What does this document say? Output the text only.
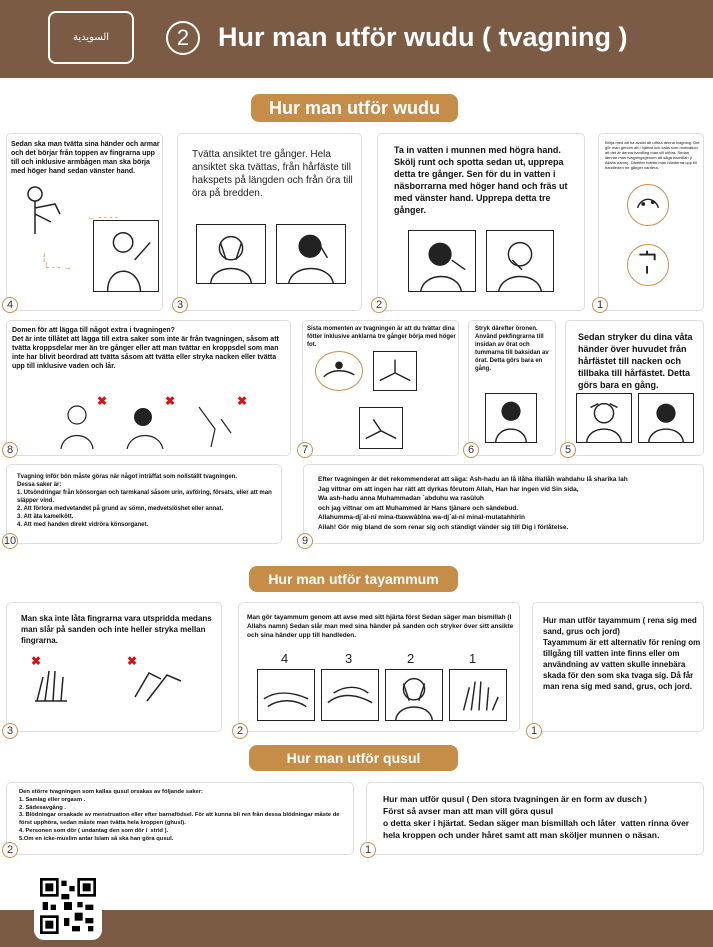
السويدية	2	Hur man utför wudu ( tvagning )
Hur man utför wudu
Sedan ska man tvätta sina händer och armar och det börjar från toppen av fingrarna upp till och inklusive armbågen man ska börja med höger hand sedan vänster hand.
← - - - -
¦
└ - - →
4
Tvätta ansiktet tre gånger. Hela ansiktet ska tvättas, från hårfäste till hakspets på längden och från öra till öra på bredden.
3
Ta in vatten i munnen med högra hand. Skölj runt och spotta sedan ut, upprepa detta tre gånger. Sen för du in vatten i näsborrarna med höger hand och fräs ut med vänster hand. Upprepa detta tre gånger.
2
Börja med att ha avsikt att utföra denna tvagning. Det gör man genom att i hjärtat och kalla som motivation att det är denna handling man vill utföra. Sedan lämnar man tvagningsgenom att säga bismillah (I Allahs namn). Därefter tvättar man händerna upp till handleden tre gånger vardera.
1
Domen för att lägga till något extra i tvagningen?
Det är inte tillåtet att lägga till extra saker som inte är från tvagningen, såsom att tvätta kroppsdelar mer än tre gånger eller att man tvättar en kroppsdel som man inte har blivit beordrad att tvätta såsom att tvätta eller stryka nacken eller tvätta upp till inklusive vaden och lår.
✖	✖	✖
8
Sista momenten av tvagningen är att du tvättar dina fötter inklusive anklarna tre gånger börja med höger fot.
7
Stryk därefter öronen. Använd pekfingrarna till insidan av örat och tummarna till baksidan av örat. Detta görs bara en gång.
6
Sedan stryker du dina våta händer över huvudet från hårfästet till nacken och tillbaka till hårfästet. Detta görs bara en gång.
5
Tvagning inför bön måste göras när något inträffat som nollställt tvagningen.
Dessa saker är:
1. Utsöndringar från könsorgan och tarmkanal såsom urin, avföring, försats, eller att man släpper vind.
2. Att förlora medvetandet på grund av sömn, medvetslöshet eller annat.
3. Att äta kamelkött.
4. Att med handen direkt vidröra könsorganet.
10
Efter tvagningen är det rekommenderat att säga: Ash-hadu an lå ilåha illallåh wahdahu lå sharîka lah
Jag vittnar om att ingen har rätt att dyrkas förutom Allah, Han har ingen vid Sin sida,
Wa ash-hadu anna Muhammadan ´abduhu wa rasûluh
och jag vittnar om att Muhammed är Hans tjänare och sändebud.
Allahumma-dj´al-nî mina-ttawwâbîna wa-dj´al-nî minal-mutatahhirîn
Allah! Gör mig bland de som renar sig och ständigt vänder sig till Dig i förlåtelse.
9
Hur man utför tayammum
Man ska inte låta fingrarna vara utspridda medans man slår på sanden och inte heller stryka mellan fingrarna.
✖	✖
3
Man gör tayammum genom att avse med sitt hjärta först Sedan säger man bismillah (I Allahs namn) Sedan slår man med sina händer på sanden och stryker över sitt ansikte och sina händer upp till handleden.
4	3	2	1
2
Hur man utför tayammum ( rena sig med sand, grus och jord)
Tayammum är ett alternativ för rening om tillgång till vatten inte finns eller om användning av vatten skulle innebära skada för den som ska tvaga sig. Då får man rena sig med sand, grus, och jord.
1
Hur man utför qusul
Den större tvagningen som kallas qusul orsakas av följande saker:
1. Samlag eller orgasm .
2. Sädesavgång .
3. Blödningar orsakade av menstruation eller efter barnafödsel. För att kunna bli ren från dessa blödningar måste de först upphöra, sedan måste man tvätta hela kroppen (ghusl).
4. Personen som dör ( undantag den som dör i  strid ).
5.Om en icke-muslim antar Islam så ska han göra qusul.
2
Hur man utför qusul ( Den stora tvagningen är en form av dusch )
Först så avser man att man vill göra qusul
o detta sker i hjärtat. Sedan säger man bismillah och låter  vatten rinna över hela kroppen och under håret samt att man sköljer munnen o näsan.
1
